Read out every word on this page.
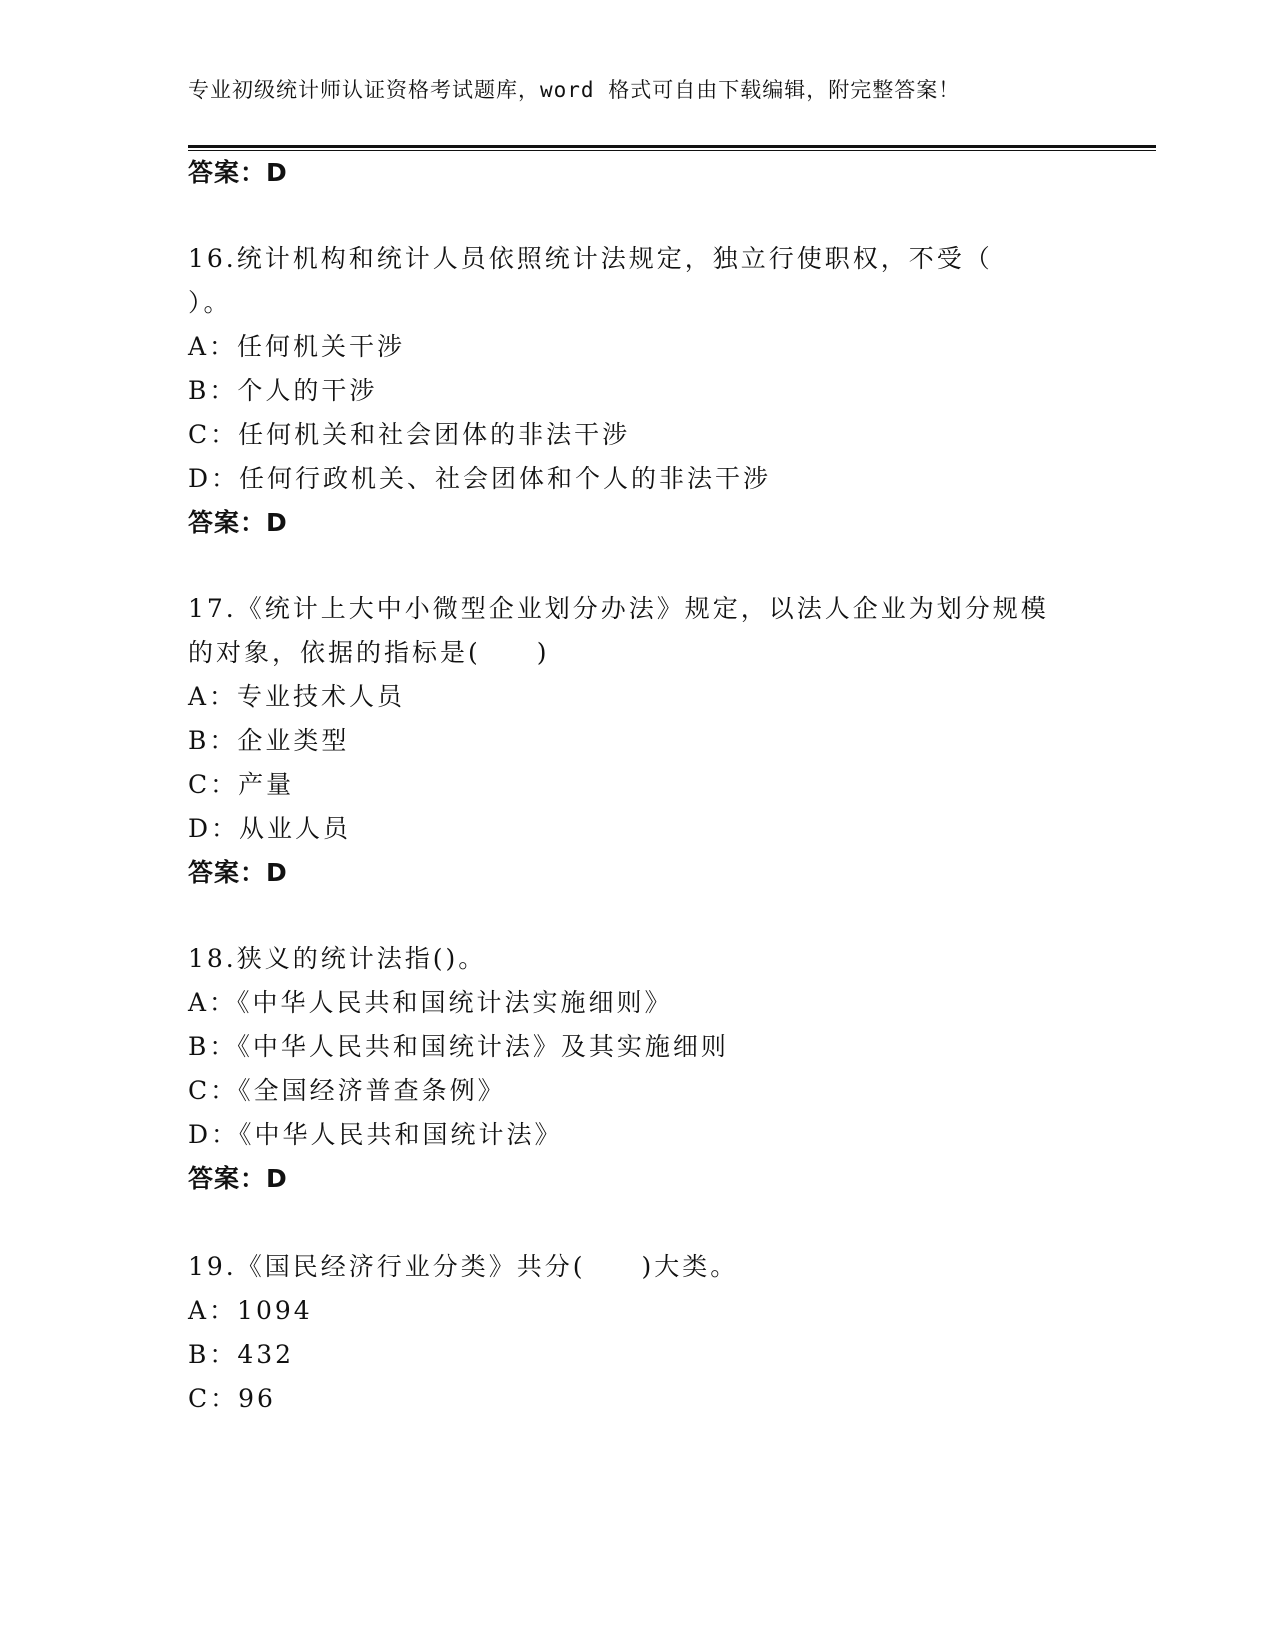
专业初级统计师认证资格考试题库，word 格式可自由下载编辑，附完整答案！
答案：D
16.统计机构和统计人员依照统计法规定，独立行使职权，不受（
）。
A：任何机关干涉
B：个人的干涉
C：任何机关和社会团体的非法干涉
D：任何行政机关、社会团体和个人的非法干涉
答案：D
17.《统计上大中小微型企业划分办法》规定，以法人企业为划分规模
的对象，依据的指标是(　　)
A：专业技术人员
B：企业类型
C：产量
D：从业人员
答案：D
18.狭义的统计法指()。
A：《中华人民共和国统计法实施细则》
B：《中华人民共和国统计法》及其实施细则
C：《全国经济普查条例》
D：《中华人民共和国统计法》
答案：D
19.《国民经济行业分类》共分(　　)大类。
A：1094
B：432
C：96
